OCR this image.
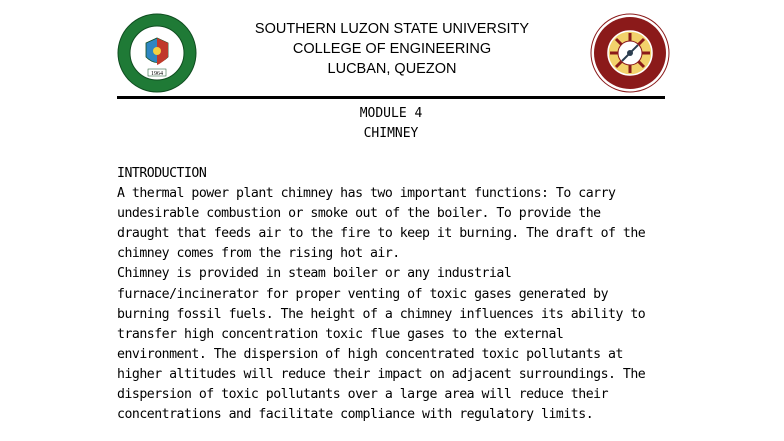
1964
SOUTHERN LUZON STATE UNIVERSITY
COLLEGE OF ENGINEERING
LUCBAN, QUEZON
MODULE 4
CHIMNEY
INTRODUCTION
A thermal power plant chimney has two important functions: To carry
undesirable combustion or smoke out of the boiler. To provide the
draught that feeds air to the fire to keep it burning. The draft of the
chimney comes from the rising hot air.
Chimney is provided in steam boiler or any industrial
furnace/incinerator for proper venting of toxic gases generated by
burning fossil fuels. The height of a chimney influences its ability to
transfer high concentration toxic flue gases to the external
environment. The dispersion of high concentrated toxic pollutants at
higher altitudes will reduce their impact on adjacent surroundings. The
dispersion of toxic pollutants over a large area will reduce their
concentrations and facilitate compliance with regulatory limits.
